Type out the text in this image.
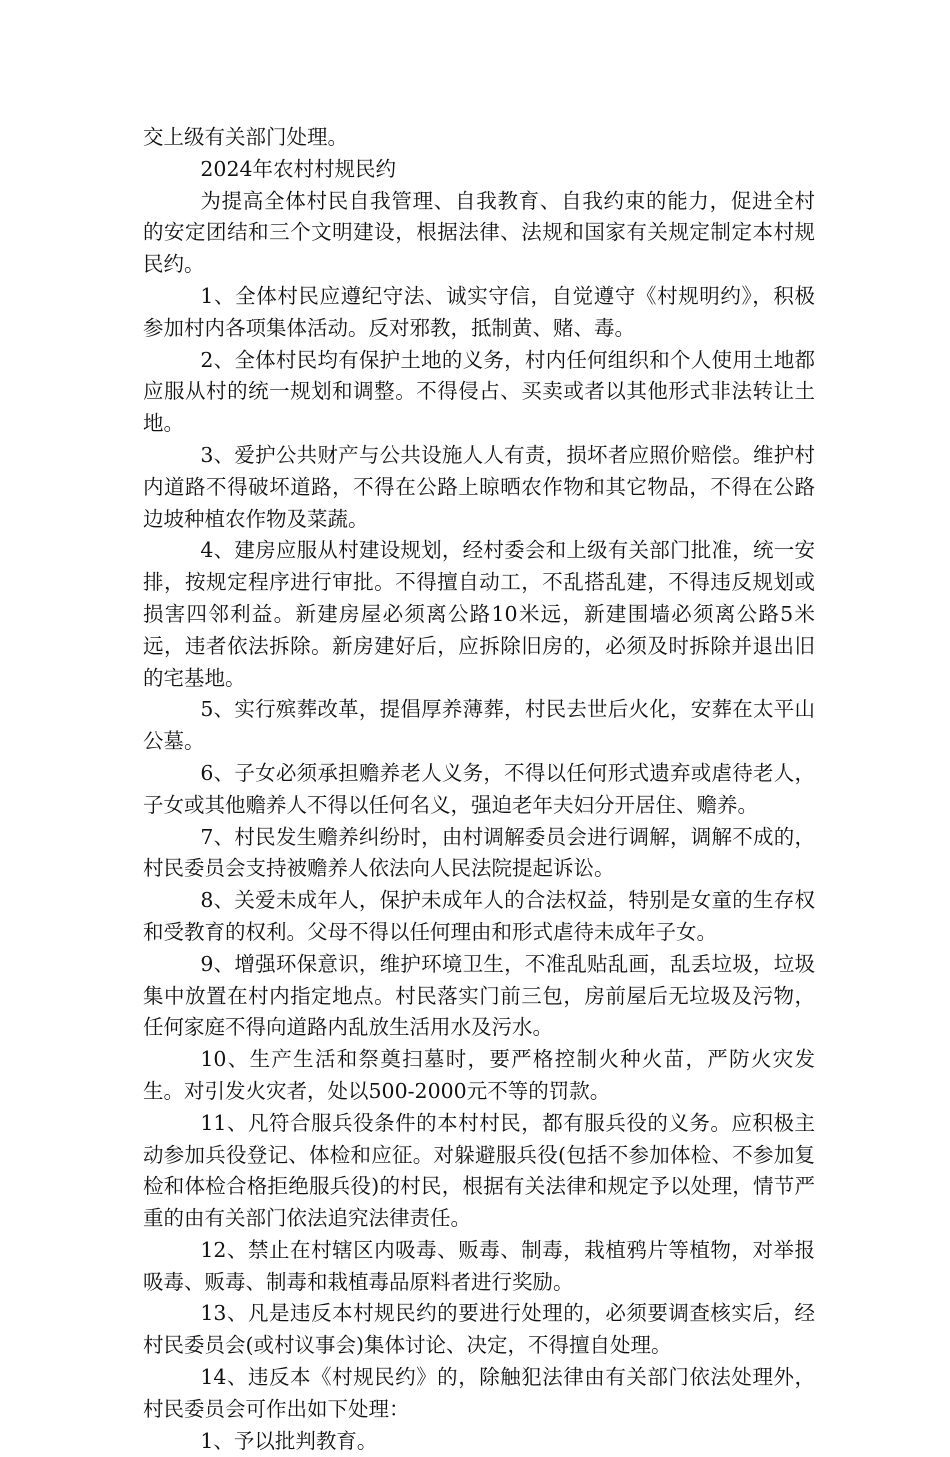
交上级有关部门处理。

2024年农村村规民约

为提高全体村民自我管理、自我教育、自我约束的能力，促进全村的安定团结和三个文明建设，根据法律、法规和国家有关规定制定本村规民约。

1、全体村民应遵纪守法、诚实守信，自觉遵守《村规明约》，积极参加村内各项集体活动。反对邪教，抵制黄、赌、毒。

2、全体村民均有保护土地的义务，村内任何组织和个人使用土地都应服从村的统一规划和调整。不得侵占、买卖或者以其他形式非法转让土地。

3、爱护公共财产与公共设施人人有责，损坏者应照价赔偿。维护村内道路不得破坏道路，不得在公路上晾晒农作物和其它物品，不得在公路边坡种植农作物及菜蔬。

4、建房应服从村建设规划，经村委会和上级有关部门批准，统一安排，按规定程序进行审批。不得擅自动工，不乱搭乱建，不得违反规划或损害四邻利益。新建房屋必须离公路10米远，新建围墙必须离公路5米远，违者依法拆除。新房建好后，应拆除旧房的，必须及时拆除并退出旧的宅基地。

5、实行殡葬改革，提倡厚养薄葬，村民去世后火化，安葬在太平山公墓。

6、子女必须承担赡养老人义务，不得以任何形式遗弃或虐待老人，子女或其他赡养人不得以任何名义，强迫老年夫妇分开居住、赡养。

7、村民发生赡养纠纷时，由村调解委员会进行调解，调解不成的，村民委员会支持被赡养人依法向人民法院提起诉讼。

8、关爱未成年人，保护未成年人的合法权益，特别是女童的生存权和受教育的权利。父母不得以任何理由和形式虐待未成年子女。

9、增强环保意识，维护环境卫生，不准乱贴乱画，乱丢垃圾，垃圾集中放置在村内指定地点。村民落实门前三包，房前屋后无垃圾及污物，任何家庭不得向道路内乱放生活用水及污水。

10、生产生活和祭奠扫墓时，要严格控制火种火苗，严防火灾发生。对引发火灾者，处以500-2000元不等的罚款。

11、凡符合服兵役条件的本村村民，都有服兵役的义务。应积极主动参加兵役登记、体检和应征。对躲避服兵役(包括不参加体检、不参加复检和体检合格拒绝服兵役)的村民，根据有关法律和规定予以处理，情节严重的由有关部门依法追究法律责任。

12、禁止在村辖区内吸毒、贩毒、制毒，栽植鸦片等植物，对举报吸毒、贩毒、制毒和栽植毒品原料者进行奖励。

13、凡是违反本村规民约的要进行处理的，必须要调查核实后，经村民委员会(或村议事会)集体讨论、决定，不得擅自处理。

14、违反本《村规民约》的，除触犯法律由有关部门依法处理外，村民委员会可作出如下处理：

1、予以批判教育。
